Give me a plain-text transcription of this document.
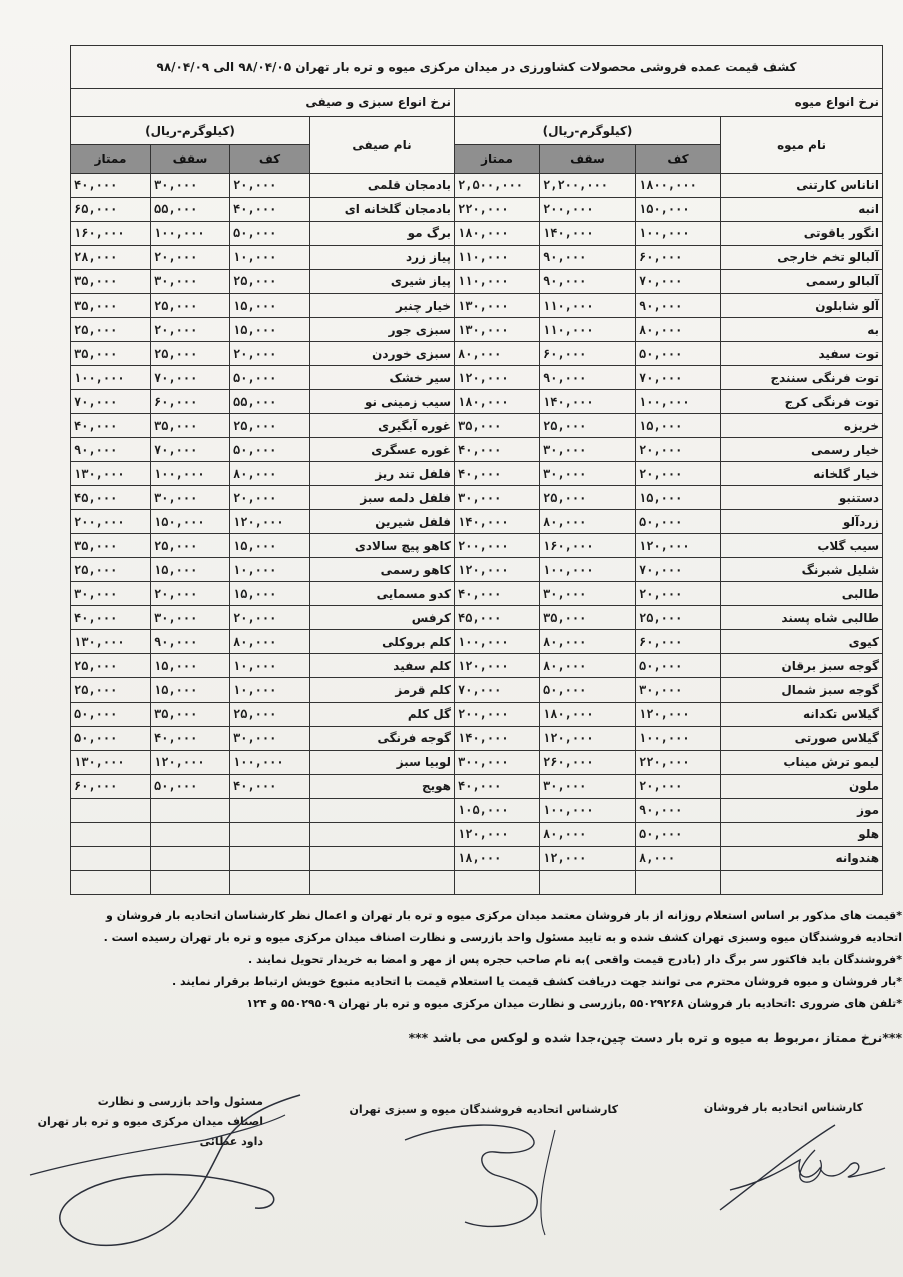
کشف قیمت عمده فروشی محصولات کشاورزی در میدان مرکزی میوه و تره بار تهران ۹۸/۰۴/۰۵ الی ۹۸/۰۴/۰۹							
نرخ انواع سبزی و صیفی				نرخ انواع میوه			
(کیلوگرم-ریال)			نام صیفی	(کیلوگرم-ریال)			نام میوه
ممتاز	سقف	کف		ممتاز	سقف	کف	
۴۰,۰۰۰	۳۰,۰۰۰	۲۰,۰۰۰	بادمجان قلمی	۲,۵۰۰,۰۰۰	۲,۲۰۰,۰۰۰	۱۸۰۰,۰۰۰	اناناس کارتنی
۶۵,۰۰۰	۵۵,۰۰۰	۴۰,۰۰۰	بادمجان گلخانه ای	۲۲۰,۰۰۰	۲۰۰,۰۰۰	۱۵۰,۰۰۰	انبه
۱۶۰,۰۰۰	۱۰۰,۰۰۰	۵۰,۰۰۰	برگ مو	۱۸۰,۰۰۰	۱۴۰,۰۰۰	۱۰۰,۰۰۰	انگور یاقوتی
۲۸,۰۰۰	۲۰,۰۰۰	۱۰,۰۰۰	پیاز زرد	۱۱۰,۰۰۰	۹۰,۰۰۰	۶۰,۰۰۰	آلبالو تخم خارجی
۳۵,۰۰۰	۳۰,۰۰۰	۲۵,۰۰۰	پیاز شیری	۱۱۰,۰۰۰	۹۰,۰۰۰	۷۰,۰۰۰	آلبالو رسمی
۳۵,۰۰۰	۲۵,۰۰۰	۱۵,۰۰۰	خیار چنبر	۱۳۰,۰۰۰	۱۱۰,۰۰۰	۹۰,۰۰۰	آلو شابلون
۲۵,۰۰۰	۲۰,۰۰۰	۱۵,۰۰۰	سبزی جور	۱۳۰,۰۰۰	۱۱۰,۰۰۰	۸۰,۰۰۰	به
۳۵,۰۰۰	۲۵,۰۰۰	۲۰,۰۰۰	سبزی خوردن	۸۰,۰۰۰	۶۰,۰۰۰	۵۰,۰۰۰	توت سفید
۱۰۰,۰۰۰	۷۰,۰۰۰	۵۰,۰۰۰	سیر خشک	۱۲۰,۰۰۰	۹۰,۰۰۰	۷۰,۰۰۰	توت فرنگی سنندج
۷۰,۰۰۰	۶۰,۰۰۰	۵۵,۰۰۰	سیب زمینی نو	۱۸۰,۰۰۰	۱۴۰,۰۰۰	۱۰۰,۰۰۰	توت فرنگی کرج
۴۰,۰۰۰	۳۵,۰۰۰	۲۵,۰۰۰	غوره آبگیری	۳۵,۰۰۰	۲۵,۰۰۰	۱۵,۰۰۰	خربزه
۹۰,۰۰۰	۷۰,۰۰۰	۵۰,۰۰۰	غوره عسگری	۴۰,۰۰۰	۳۰,۰۰۰	۲۰,۰۰۰	خیار رسمی
۱۳۰,۰۰۰	۱۰۰,۰۰۰	۸۰,۰۰۰	فلفل تند ریز	۴۰,۰۰۰	۳۰,۰۰۰	۲۰,۰۰۰	خیار گلخانه
۴۵,۰۰۰	۳۰,۰۰۰	۲۰,۰۰۰	فلفل دلمه سبز	۳۰,۰۰۰	۲۵,۰۰۰	۱۵,۰۰۰	دستنبو
۲۰۰,۰۰۰	۱۵۰,۰۰۰	۱۲۰,۰۰۰	فلفل شیرین	۱۴۰,۰۰۰	۸۰,۰۰۰	۵۰,۰۰۰	زردآلو
۳۵,۰۰۰	۲۵,۰۰۰	۱۵,۰۰۰	کاهو پیچ سالادی	۲۰۰,۰۰۰	۱۶۰,۰۰۰	۱۲۰,۰۰۰	سیب گلاب
۲۵,۰۰۰	۱۵,۰۰۰	۱۰,۰۰۰	کاهو رسمی	۱۲۰,۰۰۰	۱۰۰,۰۰۰	۷۰,۰۰۰	شلیل شبرنگ
۳۰,۰۰۰	۲۰,۰۰۰	۱۵,۰۰۰	کدو مسمایی	۴۰,۰۰۰	۳۰,۰۰۰	۲۰,۰۰۰	طالبی
۴۰,۰۰۰	۳۰,۰۰۰	۲۰,۰۰۰	کرفس	۴۵,۰۰۰	۳۵,۰۰۰	۲۵,۰۰۰	طالبی شاه پسند
۱۳۰,۰۰۰	۹۰,۰۰۰	۸۰,۰۰۰	کلم بروکلی	۱۰۰,۰۰۰	۸۰,۰۰۰	۶۰,۰۰۰	کیوی
۲۵,۰۰۰	۱۵,۰۰۰	۱۰,۰۰۰	کلم سفید	۱۲۰,۰۰۰	۸۰,۰۰۰	۵۰,۰۰۰	گوجه سبز برقان
۲۵,۰۰۰	۱۵,۰۰۰	۱۰,۰۰۰	کلم قرمز	۷۰,۰۰۰	۵۰,۰۰۰	۳۰,۰۰۰	گوجه سبز شمال
۵۰,۰۰۰	۳۵,۰۰۰	۲۵,۰۰۰	گل کلم	۲۰۰,۰۰۰	۱۸۰,۰۰۰	۱۲۰,۰۰۰	گیلاس تکدانه
۵۰,۰۰۰	۴۰,۰۰۰	۳۰,۰۰۰	گوجه فرنگی	۱۴۰,۰۰۰	۱۲۰,۰۰۰	۱۰۰,۰۰۰	گیلاس صورتی
۱۳۰,۰۰۰	۱۲۰,۰۰۰	۱۰۰,۰۰۰	لوبیا سبز	۳۰۰,۰۰۰	۲۶۰,۰۰۰	۲۲۰,۰۰۰	لیمو ترش میناب
۶۰,۰۰۰	۵۰,۰۰۰	۴۰,۰۰۰	هویج	۴۰,۰۰۰	۳۰,۰۰۰	۲۰,۰۰۰	ملون
				۱۰۵,۰۰۰	۱۰۰,۰۰۰	۹۰,۰۰۰	موز
				۱۲۰,۰۰۰	۸۰,۰۰۰	۵۰,۰۰۰	هلو
				۱۸,۰۰۰	۱۲,۰۰۰	۸,۰۰۰	هندوانه

*قیمت های مذکور بر اساس استعلام روزانه از بار فروشان معتمد میدان مرکزی میوه و تره بار تهران و اعمال نظر کارشناسان اتحادیه بار فروشان و

اتحادیه فروشندگان میوه وسبزی تهران کشف شده و به تایید مسئول واحد بازرسی و نظارت اصناف میدان مرکزی میوه و تره بار تهران رسیده است .

*فروشندگان باید فاکتور سر برگ دار (بادرج قیمت واقعی )به نام صاحب حجره پس از مهر و امضا به خریدار تحویل نمایند .

*بار فروشان و میوه فروشان محترم می توانند جهت دریافت کشف قیمت یا استعلام قیمت با اتحادیه متبوع خویش ارتباط برقرار نمایند .

*تلفن های ضروری :اتحادیه بار فروشان ۵۵۰۲۹۲۶۸ ,بازرسی و نظارت میدان مرکزی میوه و تره بار تهران ۵۵۰۲۹۵۰۹ و ۱۲۴

***نرخ ممتاز ،مربوط به میوه و تره بار دست چین،جدا شده و لوکس می باشد ***
کارشناس اتحادیه بار فروشان
کارشناس اتحادیه فروشندگان میوه و سبزی تهران
مسئول واحد بازرسی و نظارت
اصناف میدان مرکزی میوه و تره بار تهران
داود عطائی
